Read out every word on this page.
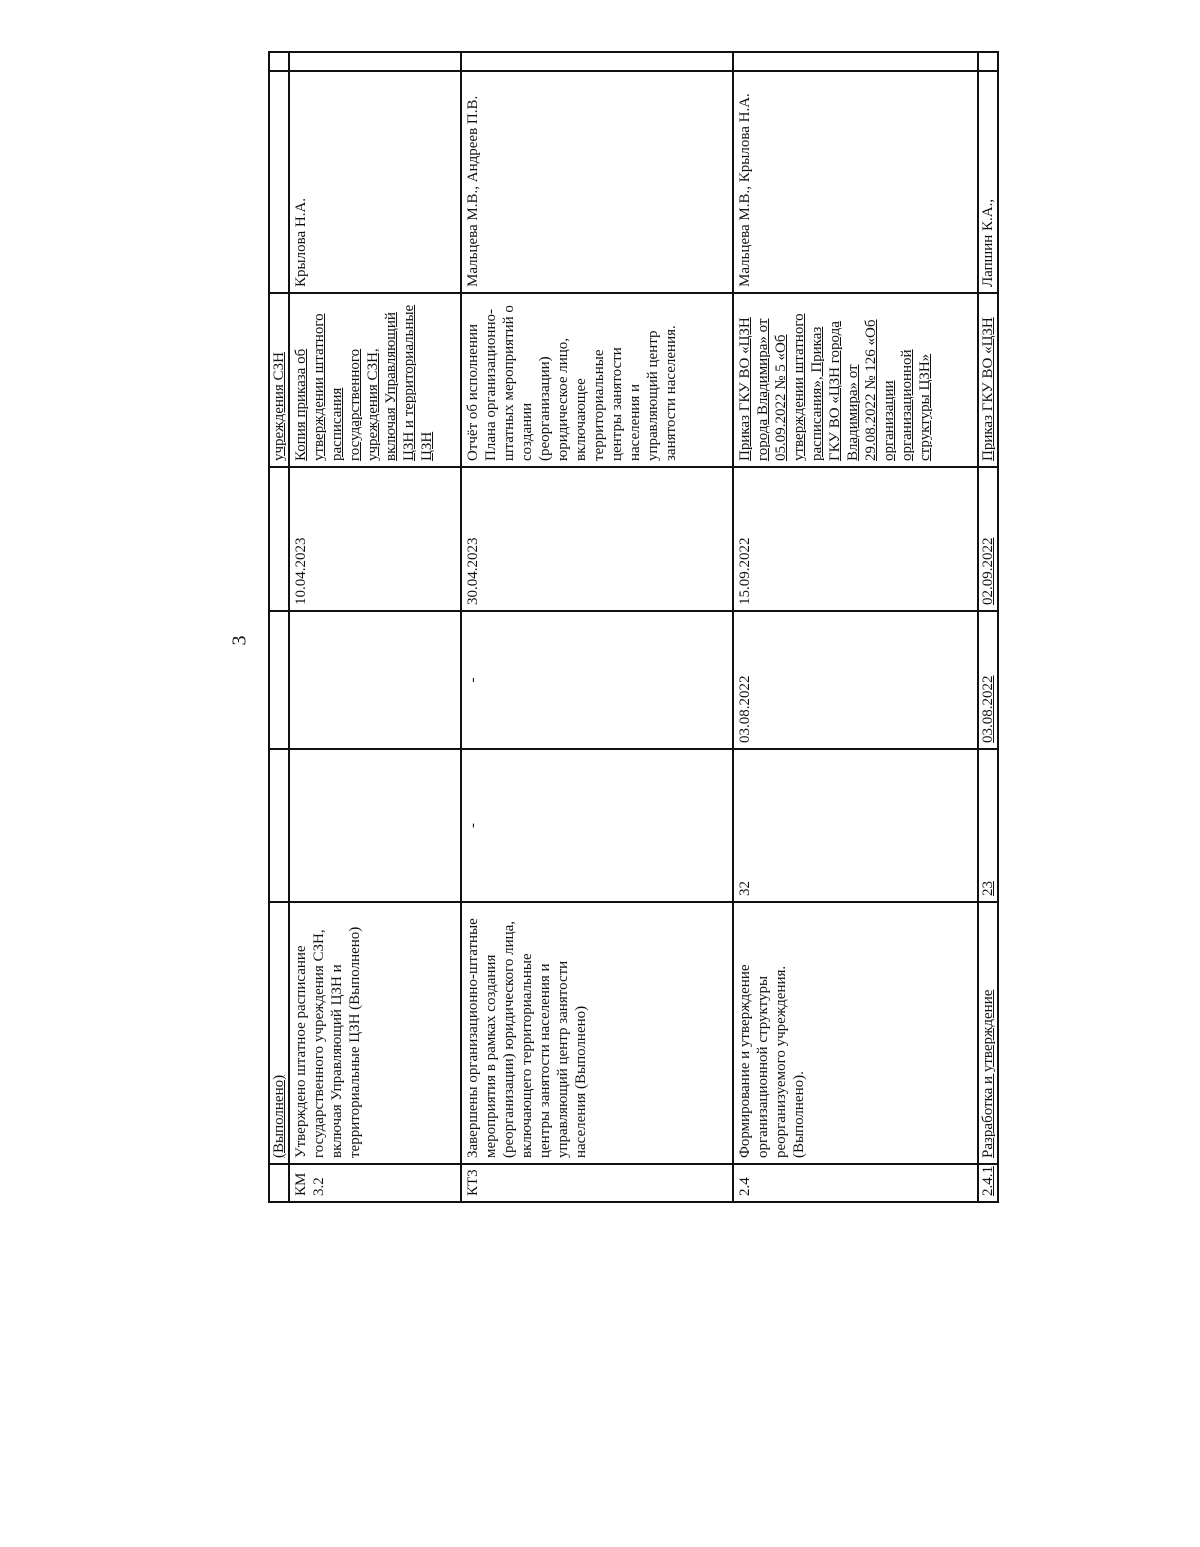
3
	(Выполнено)				учреждения СЗН		
КМ 3.2	Утверждено штатное расписание государственного учреждения СЗН, включая Управляющий ЦЗН и территориальные ЦЗН (Выполнено)			10.04.2023	Копия приказа об утверждении штатного расписания государственного учреждения СЗН, включая Управляющий ЦЗН и территориальные ЦЗН	Крылова Н.А.	
КТ3	Завершены организационно-штатные мероприятия в рамках создания (реорганизации) юридического лица, включающего территориальные центры занятости населения и управляющий центр занятости населения (Выполнено)	-	-	30.04.2023	Отчёт об исполнении Плана организационно-штатных мероприятий о создании (реорганизации) юридическое лицо, включающее территориальные центры занятости населения и управляющий центр занятости населения.	Мальцева М.В., Андреев П.В.	
2.4	Формирование и утверждение организационной структуры реорганизуемого учреждения. (Выполнено).	32	03.08.2022	15.09.2022	Приказ ГКУ ВО «ЦЗН города Владимира» от 05.09.2022 № 5 «Об утверждении штатного расписания», Приказ ГКУ ВО «ЦЗН города Владимира» от 29.08.2022 № 126 «Об организации организационной структуры ЦЗН»	Мальцева М.В., Крылова Н.А.	
2.4.1	Разработка и утверждение	23	03.08.2022	02.09.2022	Приказ ГКУ ВО «ЦЗН	Лапшин К.А.,	
